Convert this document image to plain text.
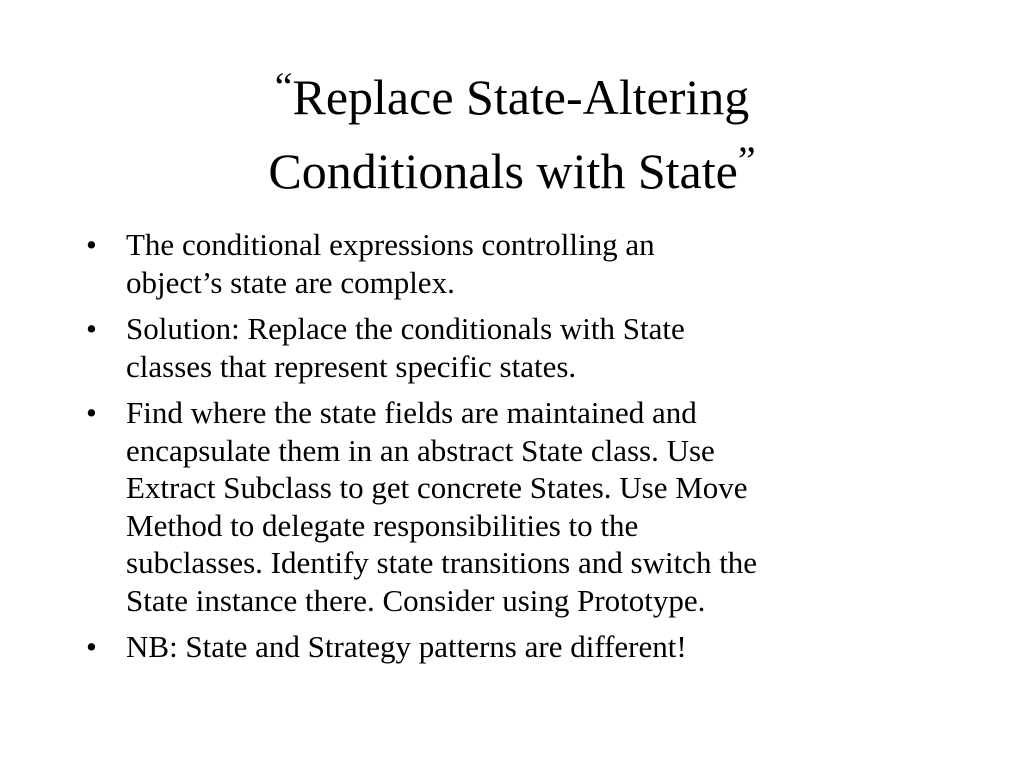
“Replace State-Altering
Conditionals with State”
• The conditional expressions controlling an
object’s state are complex.
• Solution: Replace the conditionals with State
classes that represent specific states.
• Find where the state fields are maintained and
encapsulate them in an abstract State class. Use
Extract Subclass to get concrete States. Use Move
Method to delegate responsibilities to the
subclasses. Identify state transitions and switch the
State instance there. Consider using Prototype.
• NB: State and Strategy patterns are different!
